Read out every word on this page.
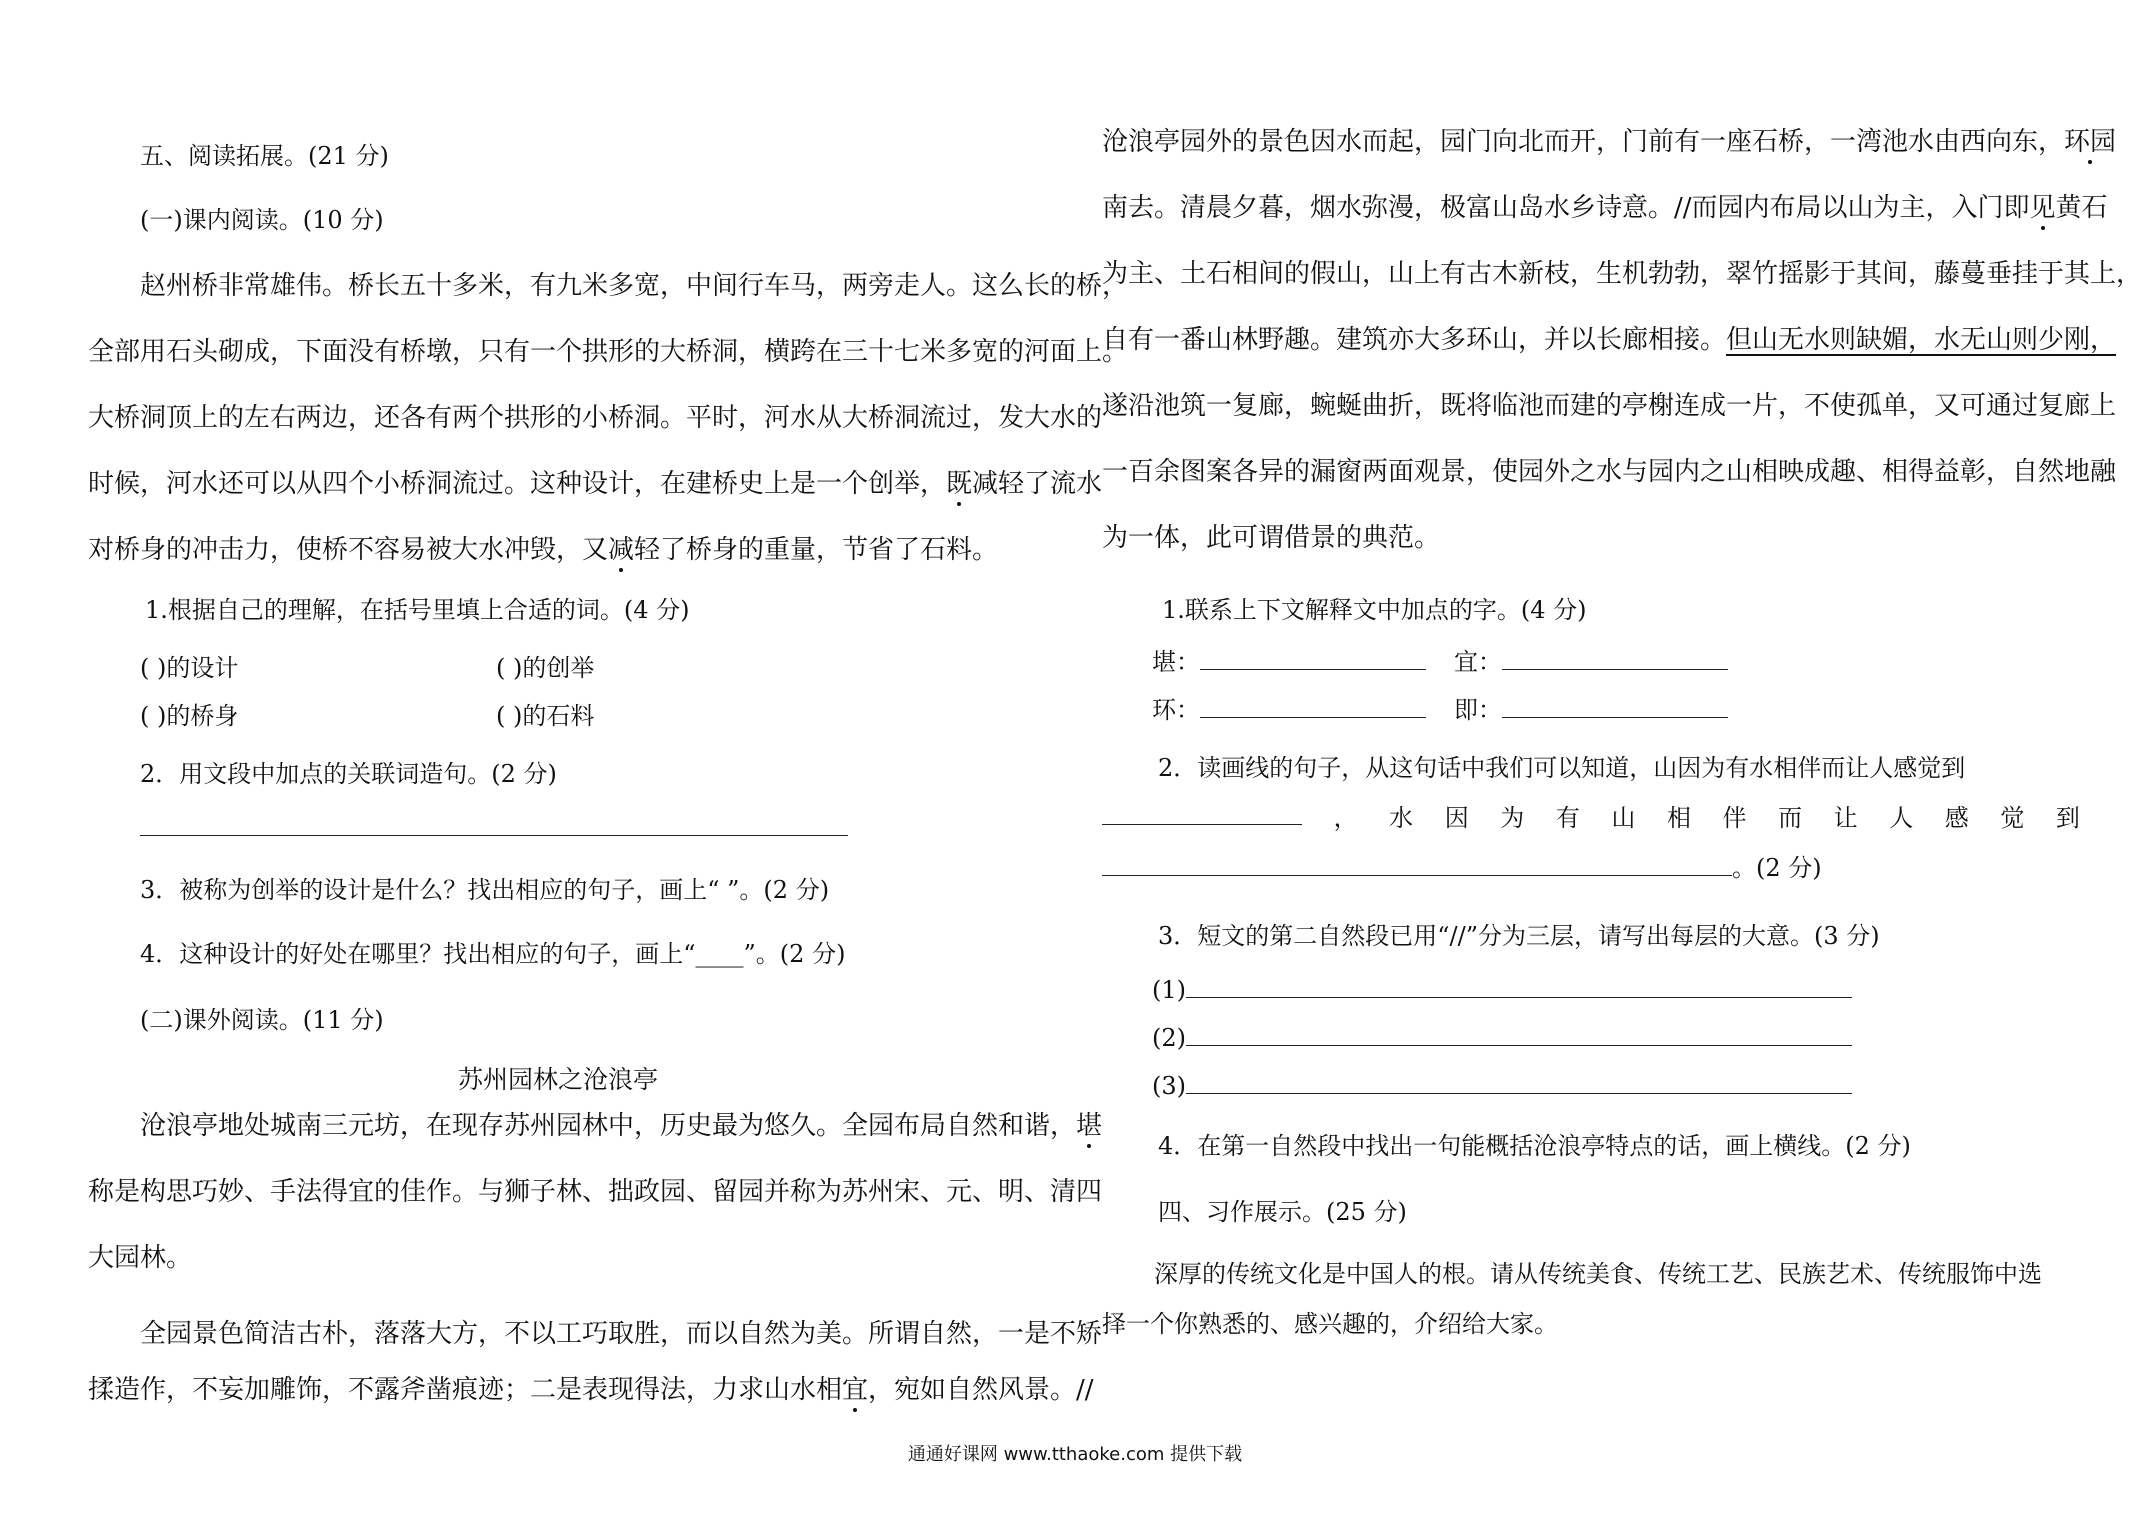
五、阅读拓展。(21 分)
(一)课内阅读。(10 分)
赵州桥非常雄伟。桥长五十多米，有九米多宽，中间行车马，两旁走人。这么长的桥，
全部用石头砌成，下面没有桥墩，只有一个拱形的大桥洞，横跨在三十七米多宽的河面上。
大桥洞顶上的左右两边，还各有两个拱形的小桥洞。平时，河水从大桥洞流过，发大水的
时候，河水还可以从四个小桥洞流过。这种设计，在建桥史上是一个创举，既减轻了流水
对桥身的冲击力，使桥不容易被大水冲毁，又减轻了桥身的重量，节省了石料。
1.根据自己的理解，在括号里填上合适的词。(4 分)
( )的设计	( )的创举
( )的桥身	( )的石料
2．用文段中加点的关联词造句。(2 分)
3．被称为创举的设计是什么？找出相应的句子，画上“ ”。(2 分)
4．这种设计的好处在哪里？找出相应的句子，画上“____”。(2 分)
(二)课外阅读。(11 分)
苏州园林之沧浪亭
沧浪亭地处城南三元坊，在现存苏州园林中，历史最为悠久。全园布局自然和谐，堪
称是构思巧妙、手法得宜的佳作。与狮子林、拙政园、留园并称为苏州宋、元、明、清四
大园林。
全园景色简洁古朴，落落大方，不以工巧取胜，而以自然为美。所谓自然，一是不矫
揉造作，不妄加雕饰，不露斧凿痕迹；二是表现得法，力求山水相宜，宛如自然风景。//
沧浪亭园外的景色因水而起，园门向北而开，门前有一座石桥，一湾池水由西向东，环园
南去。清晨夕暮，烟水弥漫，极富山岛水乡诗意。//而园内布局以山为主，入门即见黄石
为主、土石相间的假山，山上有古木新枝，生机勃勃，翠竹摇影于其间，藤蔓垂挂于其上，
自有一番山林野趣。建筑亦大多环山，并以长廊相接。但山无水则缺媚，水无山则少刚，
遂沿池筑一复廊，蜿蜒曲折，既将临池而建的亭榭连成一片，不使孤单，又可通过复廊上
一百余图案各异的漏窗两面观景，使园外之水与园内之山相映成趣、相得益彰，自然地融
为一体，此可谓借景的典范。
1.联系上下文解释文中加点的字。(4 分)
堪：	宜：
环：	即：
2．读画线的句子，从这句话中我们可以知道，山因为有水相伴而让人感觉到
， 水 因 为 有 山 相 伴 而 让 人 感 觉 到
。(2 分)
3．短文的第二自然段已用“//”分为三层，请写出每层的大意。(3 分)
(1)
(2)
(3)
4．在第一自然段中找出一句能概括沧浪亭特点的话，画上横线。(2 分)
四、习作展示。(25 分)
深厚的传统文化是中国人的根。请从传统美食、传统工艺、民族艺术、传统服饰中选
择一个你熟悉的、感兴趣的，介绍给大家。
通通好课网 www.tthaoke.com 提供下载
